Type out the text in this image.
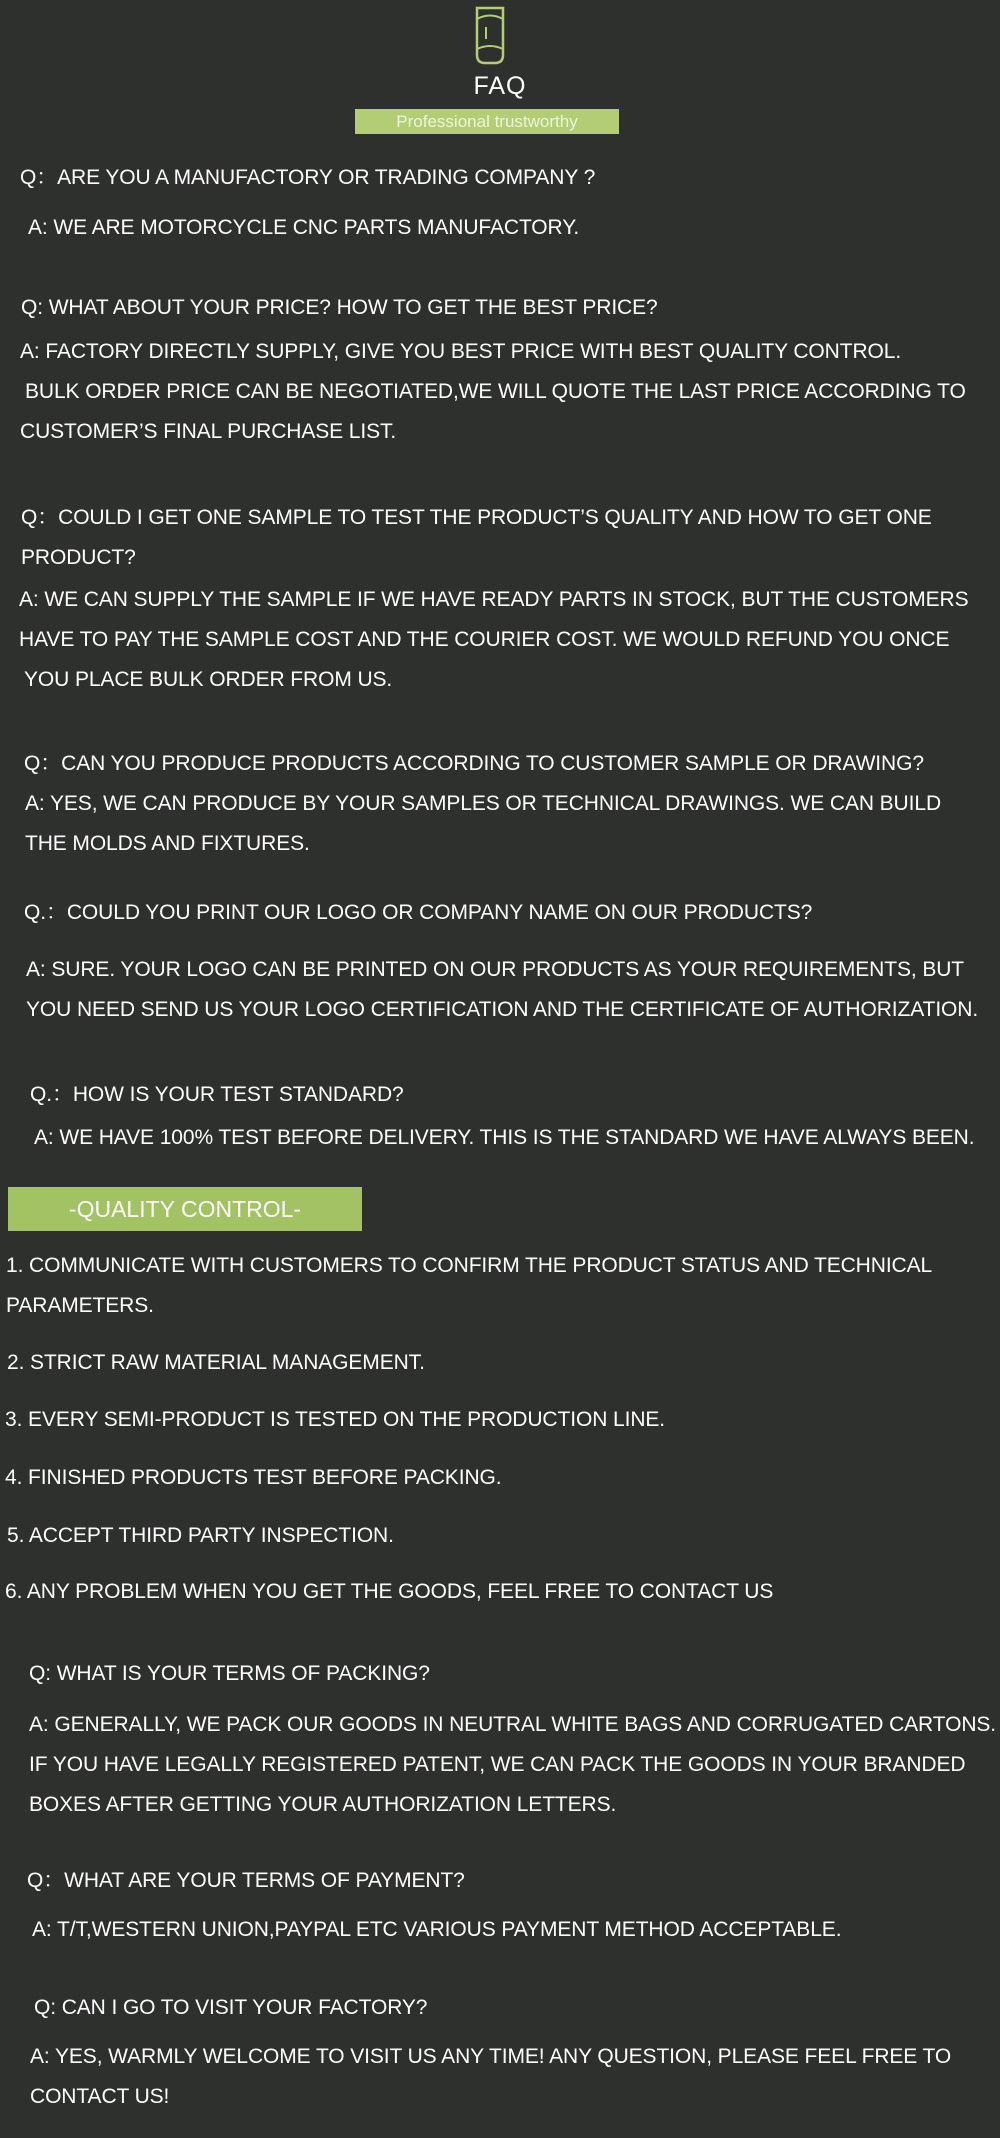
FAQ
Professional trustworthy
Q：ARE YOU A MANUFACTORY OR TRADING COMPANY ?
A: WE ARE MOTORCYCLE CNC PARTS MANUFACTORY.
Q: WHAT ABOUT YOUR PRICE? HOW TO GET THE BEST PRICE?
A: FACTORY DIRECTLY SUPPLY, GIVE YOU BEST PRICE WITH BEST QUALITY CONTROL.
BULK ORDER PRICE CAN BE NEGOTIATED,WE WILL QUOTE THE LAST PRICE ACCORDING TO
CUSTOMER’S FINAL PURCHASE LIST.
Q：COULD I GET ONE SAMPLE TO TEST THE PRODUCT’S QUALITY AND HOW TO GET ONE
PRODUCT?
A: WE CAN SUPPLY THE SAMPLE IF WE HAVE READY PARTS IN STOCK, BUT THE CUSTOMERS
HAVE TO PAY THE SAMPLE COST AND THE COURIER COST. WE WOULD REFUND YOU ONCE
YOU PLACE BULK ORDER FROM US.
Q：CAN YOU PRODUCE PRODUCTS ACCORDING TO CUSTOMER SAMPLE OR DRAWING?
A: YES, WE CAN PRODUCE BY YOUR SAMPLES OR TECHNICAL DRAWINGS. WE CAN BUILD
THE MOLDS AND FIXTURES.
Q.：COULD YOU PRINT OUR LOGO OR COMPANY NAME ON OUR PRODUCTS?
A: SURE. YOUR LOGO CAN BE PRINTED ON OUR PRODUCTS AS YOUR REQUIREMENTS, BUT
YOU NEED SEND US YOUR LOGO CERTIFICATION AND THE CERTIFICATE OF AUTHORIZATION.
Q.：HOW IS YOUR TEST STANDARD?
A: WE HAVE 100% TEST BEFORE DELIVERY. THIS IS THE STANDARD WE HAVE ALWAYS BEEN.
-QUALITY CONTROL-
1. COMMUNICATE WITH CUSTOMERS TO CONFIRM THE PRODUCT STATUS AND TECHNICAL
PARAMETERS.
2. STRICT RAW MATERIAL MANAGEMENT.
3. EVERY SEMI-PRODUCT IS TESTED ON THE PRODUCTION LINE.
4. FINISHED PRODUCTS TEST BEFORE PACKING.
5. ACCEPT THIRD PARTY INSPECTION.
6. ANY PROBLEM WHEN YOU GET THE GOODS, FEEL FREE TO CONTACT US
Q: WHAT IS YOUR TERMS OF PACKING?
A: GENERALLY, WE PACK OUR GOODS IN NEUTRAL WHITE BAGS AND CORRUGATED CARTONS.
IF YOU HAVE LEGALLY REGISTERED PATENT, WE CAN PACK THE GOODS IN YOUR BRANDED
BOXES AFTER GETTING YOUR AUTHORIZATION LETTERS.
Q：WHAT ARE YOUR TERMS OF PAYMENT?
A: T/T,WESTERN UNION,PAYPAL ETC VARIOUS PAYMENT METHOD ACCEPTABLE.
Q: CAN I GO TO VISIT YOUR FACTORY?
A: YES, WARMLY WELCOME TO VISIT US ANY TIME! ANY QUESTION, PLEASE FEEL FREE TO
CONTACT US!
